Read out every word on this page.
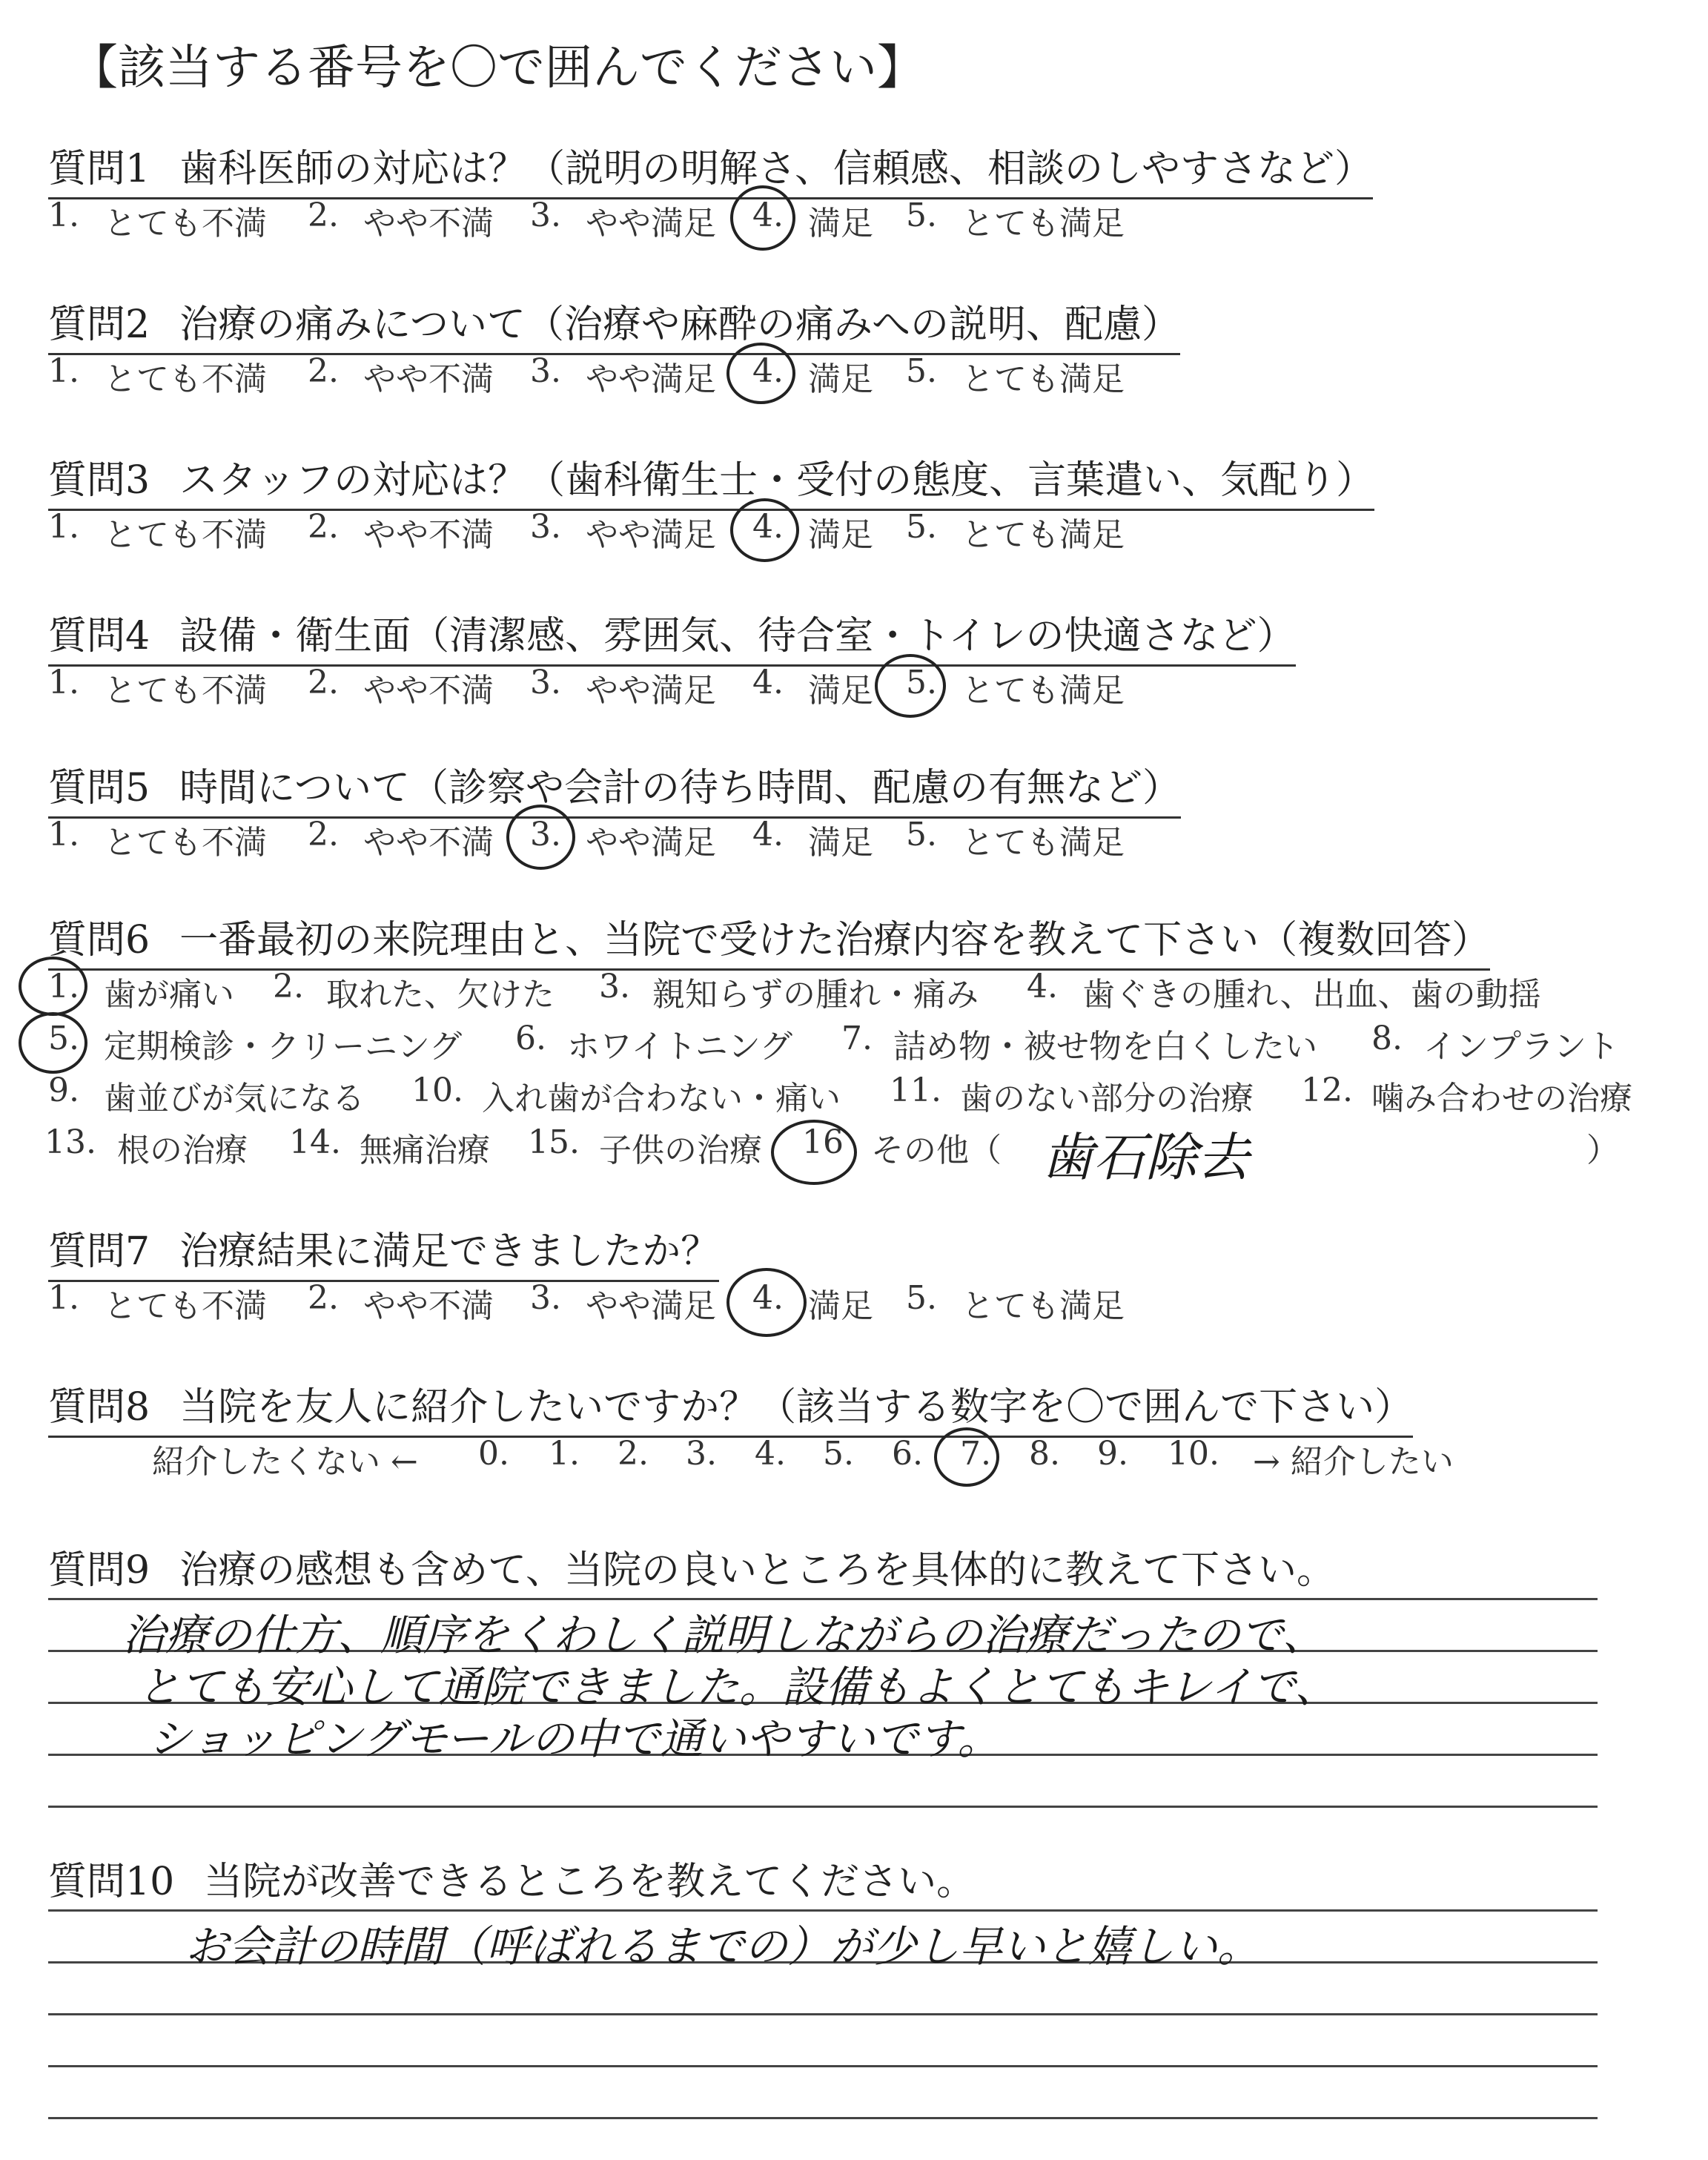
【該当する番号を〇で囲んでください】
質問1 歯科医師の対応は？（説明の明解さ、信頼感、相談のしやすさなど）
1. とても不満 2. やや不満 3. やや満足 4. 満足 5. とても満足
質問2 治療の痛みについて（治療や麻酔の痛みへの説明、配慮）
1. とても不満 2. やや不満 3. やや満足 4. 満足 5. とても満足
質問3 スタッフの対応は？（歯科衛生士・受付の態度、言葉遣い、気配り）
1. とても不満 2. やや不満 3. やや満足 4. 満足 5. とても満足
質問4 設備・衛生面（清潔感、雰囲気、待合室・トイレの快適さなど）
1. とても不満 2. やや不満 3. やや満足 4. 満足 5. とても満足
質問5 時間について（診察や会計の待ち時間、配慮の有無など）
1. とても不満 2. やや不満 3. やや満足 4. 満足 5. とても満足
質問6 一番最初の来院理由と、当院で受けた治療内容を教えて下さい（複数回答）
1. 歯が痛い 2. 取れた、欠けた 3. 親知らずの腫れ・痛み 4. 歯ぐきの腫れ、出血、歯の動揺
5. 定期検診・クリーニング 6. ホワイトニング 7. 詰め物・被せ物を白くしたい 8. インプラント
9. 歯並びが気になる 10. 入れ歯が合わない・痛い 11. 歯のない部分の治療 12. 噛み合わせの治療
13. 根の治療 14. 無痛治療 15. 子供の治療 16 その他（	）
歯石除去
質問7 治療結果に満足できましたか？
1. とても不満 2. やや不満 3. やや満足 4. 満足 5. とても満足
質問8 当院を友人に紹介したいですか？（該当する数字を〇で囲んで下さい）
紹介したくない ← 0. 1. 2. 3. 4. 5. 6. 7. 8. 9. 10. → 紹介したい
質問9 治療の感想も含めて、当院の良いところを具体的に教えて下さい。
治療の仕方、順序をくわしく説明しながらの治療だったので、
とても安心して通院できました。設備もよくとてもキレイで、
ショッピングモールの中で通いやすいです。
質問10 当院が改善できるところを教えてください。
お会計の時間（呼ばれるまでの）が少し早いと嬉しい。
